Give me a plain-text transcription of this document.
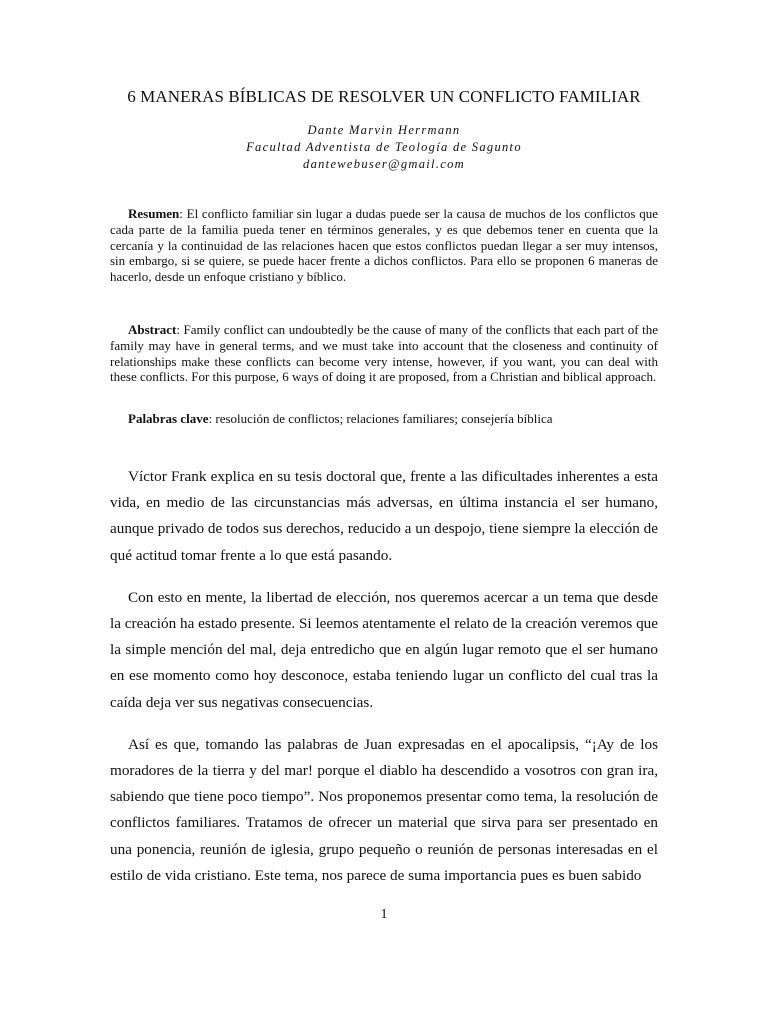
6 MANERAS BÍBLICAS DE RESOLVER UN CONFLICTO FAMILIAR
Dante Marvin Herrmann
Facultad Adventista de Teología de Sagunto
dantewebuser@gmail.com

Resumen: El conflicto familiar sin lugar a dudas puede ser la causa de muchos de los conflictos que cada parte de la familia pueda tener en términos generales, y es que debemos tener en cuenta que la cercanía y la continuidad de las relaciones hacen que estos conflictos puedan llegar a ser muy intensos, sin embargo, si se quiere, se puede hacer frente a dichos conflictos. Para ello se proponen 6 maneras de hacerlo, desde un enfoque cristiano y bíblico.

Abstract: Family conflict can undoubtedly be the cause of many of the conflicts that each part of the family may have in general terms, and we must take into account that the closeness and continuity of relationships make these conflicts can become very intense, however, if you want, you can deal with these conflicts. For this purpose, 6 ways of doing it are proposed, from a Christian and biblical approach.

Palabras clave: resolución de conflictos; relaciones familiares; consejería bíblica

Víctor Frank explica en su tesis doctoral que, frente a las dificultades inherentes a esta vida, en medio de las circunstancias más adversas, en última instancia el ser humano, aunque privado de todos sus derechos, reducido a un despojo, tiene siempre la elección de qué actitud tomar frente a lo que está pasando.

Con esto en mente, la libertad de elección, nos queremos acercar a un tema que desde la creación ha estado presente. Si leemos atentamente el relato de la creación veremos que la simple mención del mal, deja entredicho que en algún lugar remoto que el ser humano en ese momento como hoy desconoce, estaba teniendo lugar un conflicto del cual tras la caída deja ver sus negativas consecuencias.

Así es que, tomando las palabras de Juan expresadas en el apocalipsis, “¡Ay de los moradores de la tierra y del mar! porque el diablo ha descendido a vosotros con gran ira, sabiendo que tiene poco tiempo”. Nos proponemos presentar como tema, la resolución de conflictos familiares. Tratamos de ofrecer un material que sirva para ser presentado en una ponencia, reunión de iglesia, grupo pequeño o reunión de personas interesadas en el estilo de vida cristiano. Este tema, nos parece de suma importancia pues es buen sabido

1
